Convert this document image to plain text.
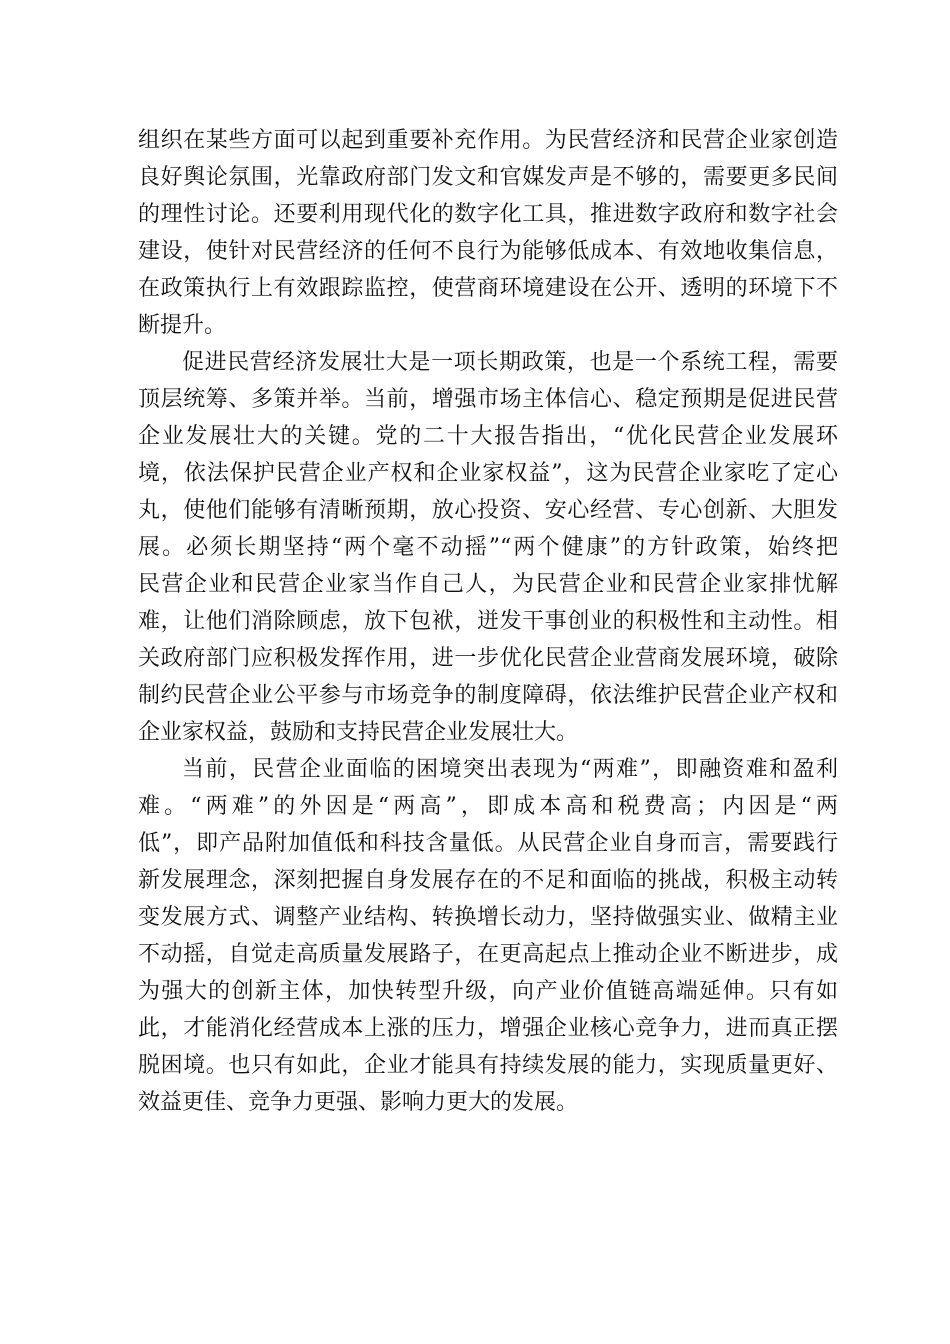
组织在某些方面可以起到重要补充作用。为民营经济和民营企业家创造
良好舆论氛围，光靠政府部门发文和官媒发声是不够的，需要更多民间
的理性讨论。还要利用现代化的数字化工具，推进数字政府和数字社会
建设，使针对民营经济的任何不良行为能够低成本、有效地收集信息，
在政策执行上有效跟踪监控，使营商环境建设在公开、透明的环境下不
断提升。
促进民营经济发展壮大是一项长期政策，也是一个系统工程，需要
顶层统筹、多策并举。当前，增强市场主体信心、稳定预期是促进民营
企业发展壮大的关键。党的二十大报告指出，“优化民营企业发展环
境，依法保护民营企业产权和企业家权益”，这为民营企业家吃了定心
丸，使他们能够有清晰预期，放心投资、安心经营、专心创新、大胆发
展。必须长期坚持“两个毫不动摇”“两个健康”的方针政策，始终把
民营企业和民营企业家当作自己人，为民营企业和民营企业家排忧解
难，让他们消除顾虑，放下包袱，迸发干事创业的积极性和主动性。相
关政府部门应积极发挥作用，进一步优化民营企业营商发展环境，破除
制约民营企业公平参与市场竞争的制度障碍，依法维护民营企业产权和
企业家权益，鼓励和支持民营企业发展壮大。
当前，民营企业面临的困境突出表现为“两难”，即融资难和盈利
难。“两难”的外因是“两高”，即成本高和税费高；内因是“两
低”，即产品附加值低和科技含量低。从民营企业自身而言，需要践行
新发展理念，深刻把握自身发展存在的不足和面临的挑战，积极主动转
变发展方式、调整产业结构、转换增长动力，坚持做强实业、做精主业
不动摇，自觉走高质量发展路子，在更高起点上推动企业不断进步，成
为强大的创新主体，加快转型升级，向产业价值链高端延伸。只有如
此，才能消化经营成本上涨的压力，增强企业核心竞争力，进而真正摆
脱困境。也只有如此，企业才能具有持续发展的能力，实现质量更好、
效益更佳、竞争力更强、影响力更大的发展。
